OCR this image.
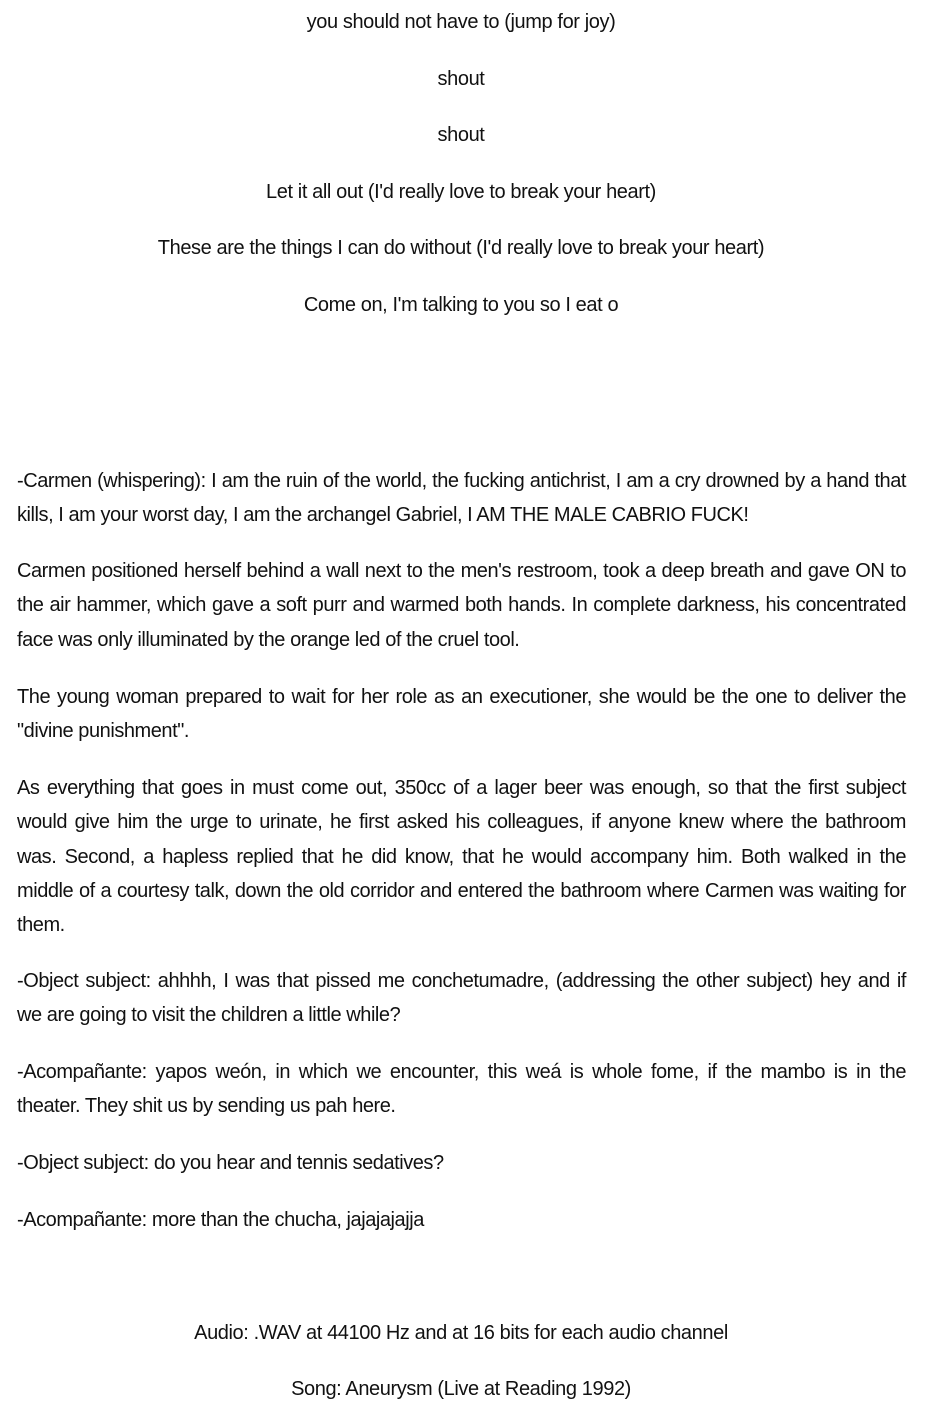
you should not have to (jump for joy)
shout
shout
Let it all out (I'd really love to break your heart)
These are the things I can do without (I'd really love to break your heart)
Come on, I'm talking to you so I eat o

-Carmen (whispering): I am the ruin of the world, the fucking antichrist, I am a cry drowned by a hand that kills, I am your worst day, I am the archangel Gabriel, I AM THE MALE CABRIO FUCK!

Carmen positioned herself behind a wall next to the men's restroom, took a deep breath and gave ON to the air hammer, which gave a soft purr and warmed both hands. In complete darkness, his concentrated face was only illuminated by the orange led of the cruel tool.

The young woman prepared to wait for her role as an executioner, she would be the one to deliver the "divine punishment".

As everything that goes in must come out, 350cc of a lager beer was enough, so that the first subject would give him the urge to urinate, he first asked his colleagues, if anyone knew where the bathroom was. Second, a hapless replied that he did know, that he would accompany him. Both walked in the middle of a courtesy talk, down the old corridor and entered the bathroom where Carmen was waiting for them.

-Object subject: ahhhh, I was that pissed me conchetumadre, (addressing the other subject) hey and if we are going to visit the children a little while?

-Acompañante: yapos weón, in which we encounter, this weá is whole fome, if the mambo is in the theater. They shit us by sending us pah here.

-Object subject: do you hear and tennis sedatives?

-Acompañante: more than the chucha, jajajajajja

Audio: .WAV at 44100 Hz and at 16 bits for each audio channel
Song: Aneurysm (Live at Reading 1992)
